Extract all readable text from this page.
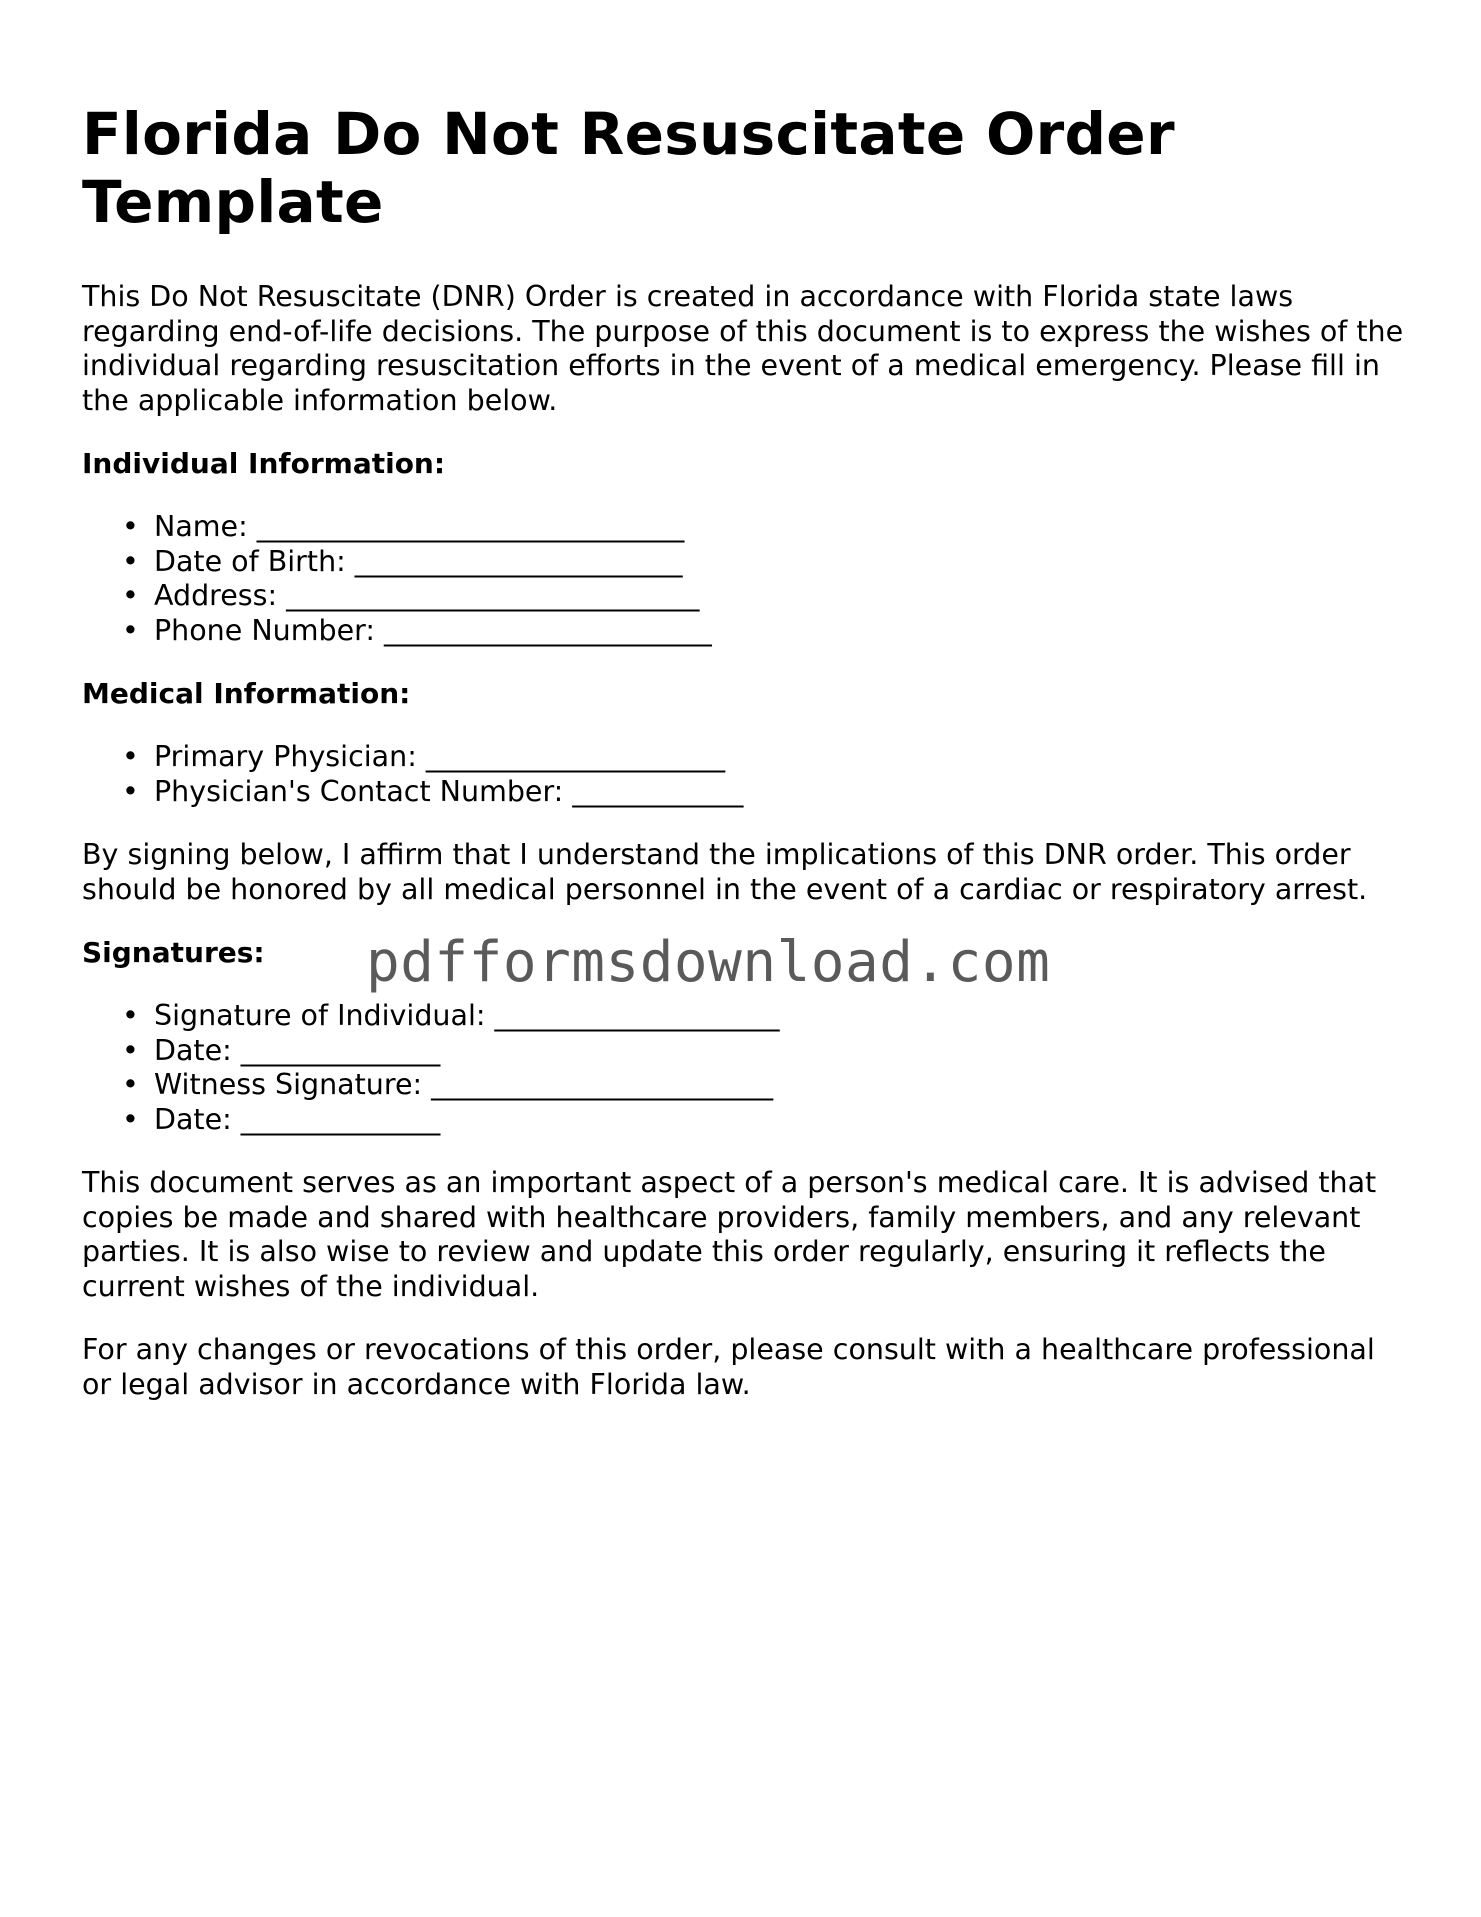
Florida Do Not Resuscitate Order Template

This Do Not Resuscitate (DNR) Order is created in accordance with Florida state laws regarding end-of-life decisions. The purpose of this document is to express the wishes of the individual regarding resuscitation efforts in the event of a medical emergency. Please fill in the applicable information below.

Individual Information:
• Name: ______________________________
• Date of Birth: _______________________
• Address: _____________________________
• Phone Number: _______________________
Medical Information:
• Primary Physician: _____________________
• Physician's Contact Number: ____________

By signing below, I affirm that I understand the implications of this DNR order. This order should be honored by all medical personnel in the event of a cardiac or respiratory arrest.

Signatures:
• Signature of Individual: ____________________
• Date: ______________
• Witness Signature: ________________________
• Date: ______________

This document serves as an important aspect of a person's medical care. It is advised that copies be made and shared with healthcare providers, family members, and any relevant parties. It is also wise to review and update this order regularly, ensuring it reflects the current wishes of the individual.

For any changes or revocations of this order, please consult with a healthcare professional or legal advisor in accordance with Florida law.

pdfformsdownload.com
